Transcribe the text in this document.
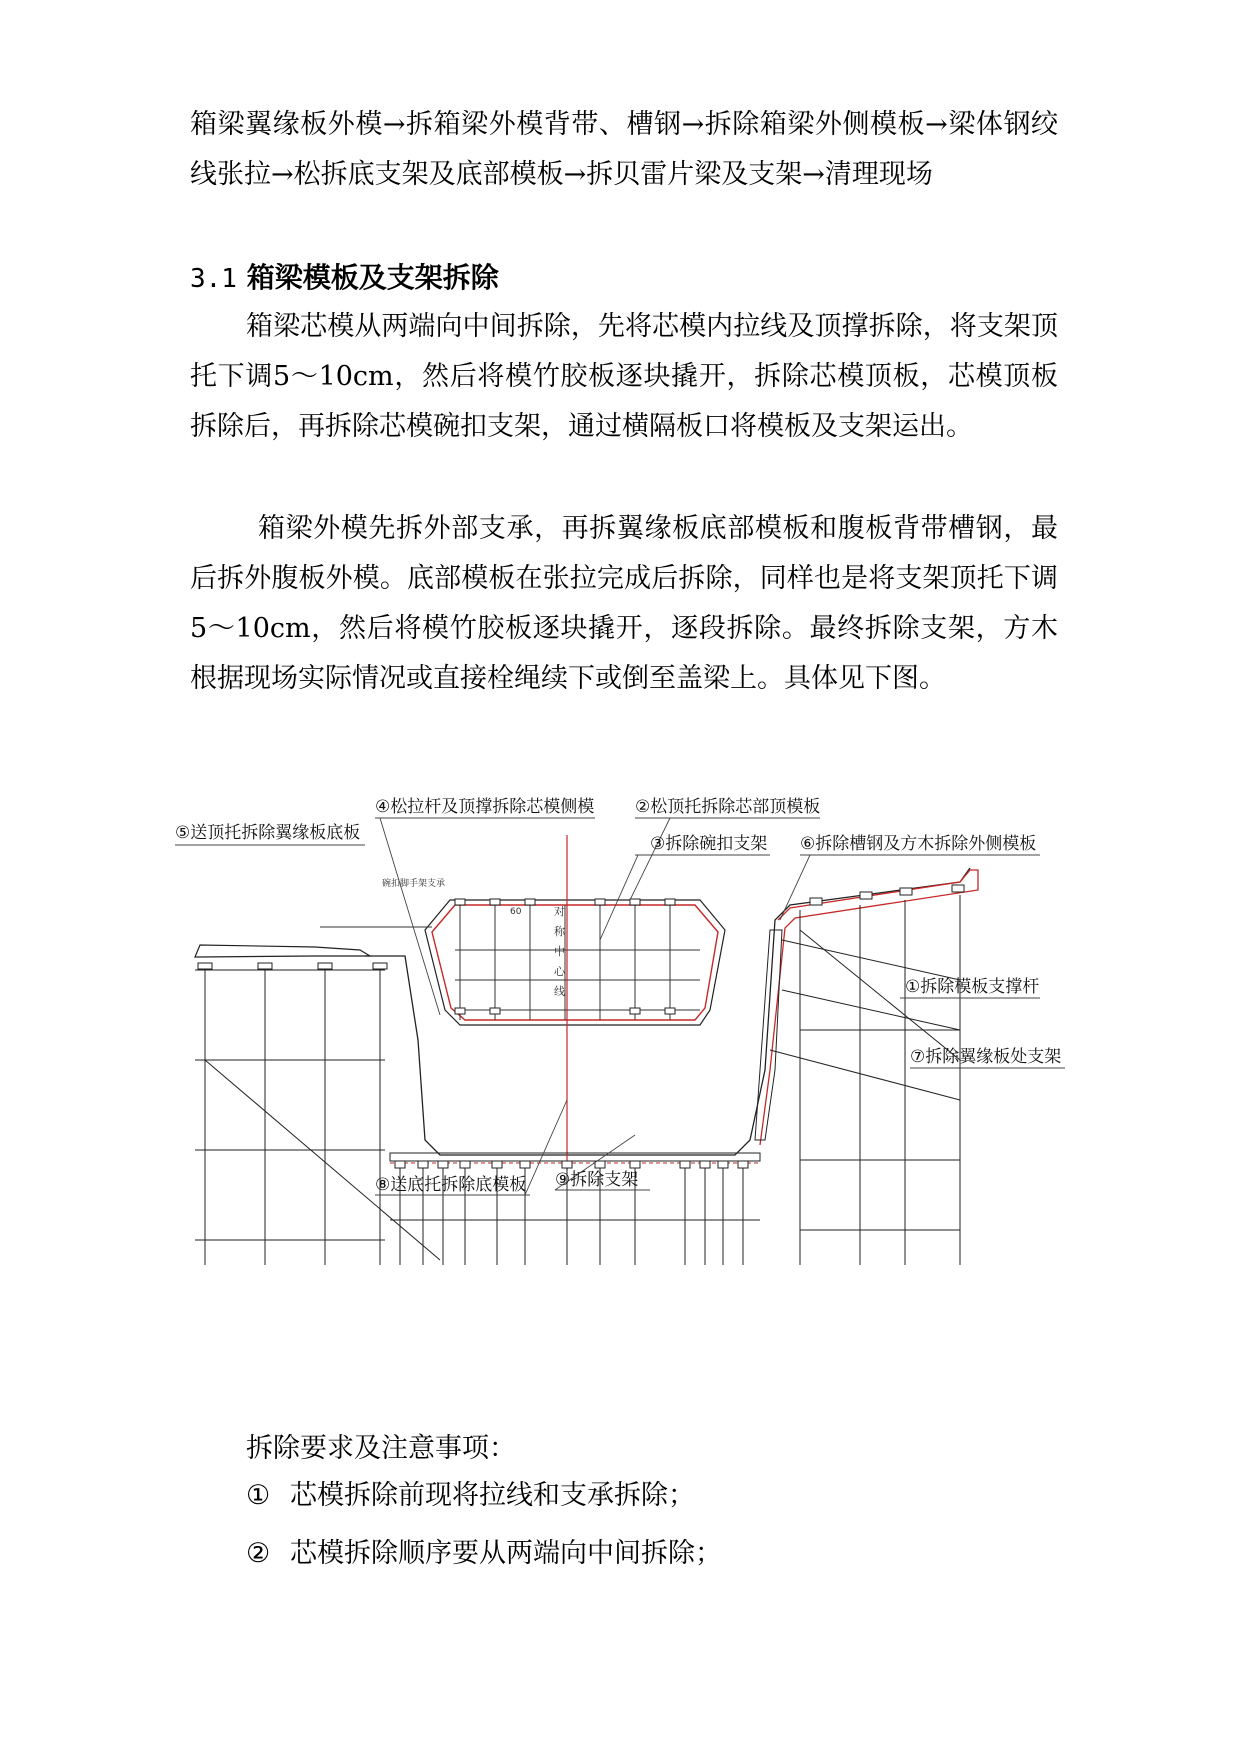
箱梁翼缘板外模→拆箱梁外模背带、槽钢→拆除箱梁外侧模板→梁体钢绞线张拉→松拆底支架及底部模板→拆贝雷片梁及支架→清理现场

3.1 箱梁模板及支架拆除

箱梁芯模从两端向中间拆除，先将芯模内拉线及顶撑拆除，将支架顶托下调5～10cm，然后将模竹胶板逐块撬开，拆除芯模顶板，芯模顶板拆除后，再拆除芯模碗扣支架，通过横隔板口将模板及支架运出。

箱梁外模先拆外部支承，再拆翼缘板底部模板和腹板背带槽钢，最后拆外腹板外模。底部模板在张拉完成后拆除，同样也是将支架顶托下调 5～10cm，然后将模竹胶板逐块撬开，逐段拆除。最终拆除支架，方木根据现场实际情况或直接栓绳续下或倒至盖梁上。具体见下图。

对
称
中
心
线
60
碗扣脚手架支承
⑤送顶托拆除翼缘板底板
④松拉杆及顶撑拆除芯模侧模 ②松顶托拆除芯部顶模板
③拆除碗扣支架 ⑥拆除槽钢及方木拆除外侧模板
①拆除模板支撑杆
⑦拆除翼缘板处支架
⑧送底托拆除底模板 ⑨拆除支架

拆除要求及注意事项：

① 芯模拆除前现将拉线和支承拆除；

② 芯模拆除顺序要从两端向中间拆除；
